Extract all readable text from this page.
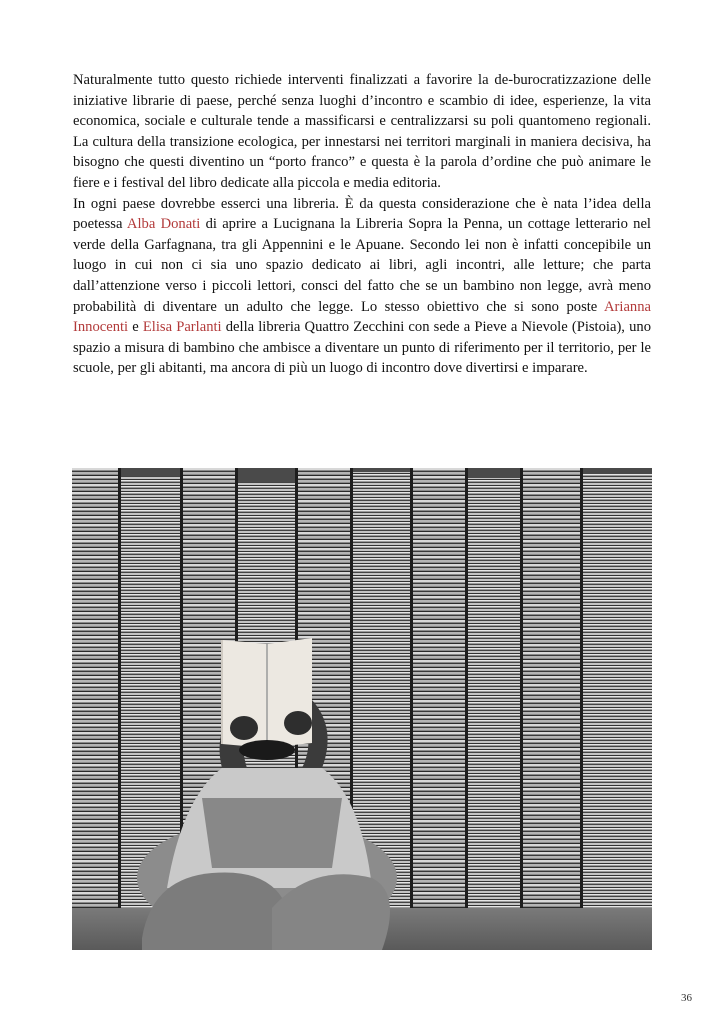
Naturalmente tutto questo richiede interventi finalizzati a favorire la de-burocratizzazione delle iniziative librarie di paese, perché senza luoghi d’incontro e scambio di idee, esperienze, la vita economica, sociale e culturale tende a massificarsi e centralizzarsi su poli quantomeno regionali. La cultura della transizione ecologica, per innestarsi nei territori marginali in maniera decisiva, ha bisogno che questi diventino un “porto franco” e questa è la parola d’ordine che può animare le fiere e i festival del libro dedicate alla piccola e media editoria.

In ogni paese dovrebbe esserci una libreria. È da questa considerazione che è nata l’idea della poetessa Alba Donati di aprire a Lucignana la Libreria Sopra la Penna, un cottage letterario nel verde della Garfagnana, tra gli Appennini e le Apuane. Secondo lei non è infatti concepibile un luogo in cui non ci sia uno spazio dedicato ai libri, agli incontri, alle letture; che parta dall’attenzione verso i piccoli lettori, consci del fatto che se un bambino non legge, avrà meno probabilità di diventare un adulto che legge. Lo stesso obiettivo che si sono poste Arianna Innocenti e Elisa Parlanti della libreria Quattro Zecchini con sede a Pieve a Nievole (Pistoia), uno spazio a misura di bambino che ambisce a diventare un punto di riferimento per il territorio, per le scuole, per gli abitanti, ma ancora di più un luogo di incontro dove divertirsi e imparare.

36
